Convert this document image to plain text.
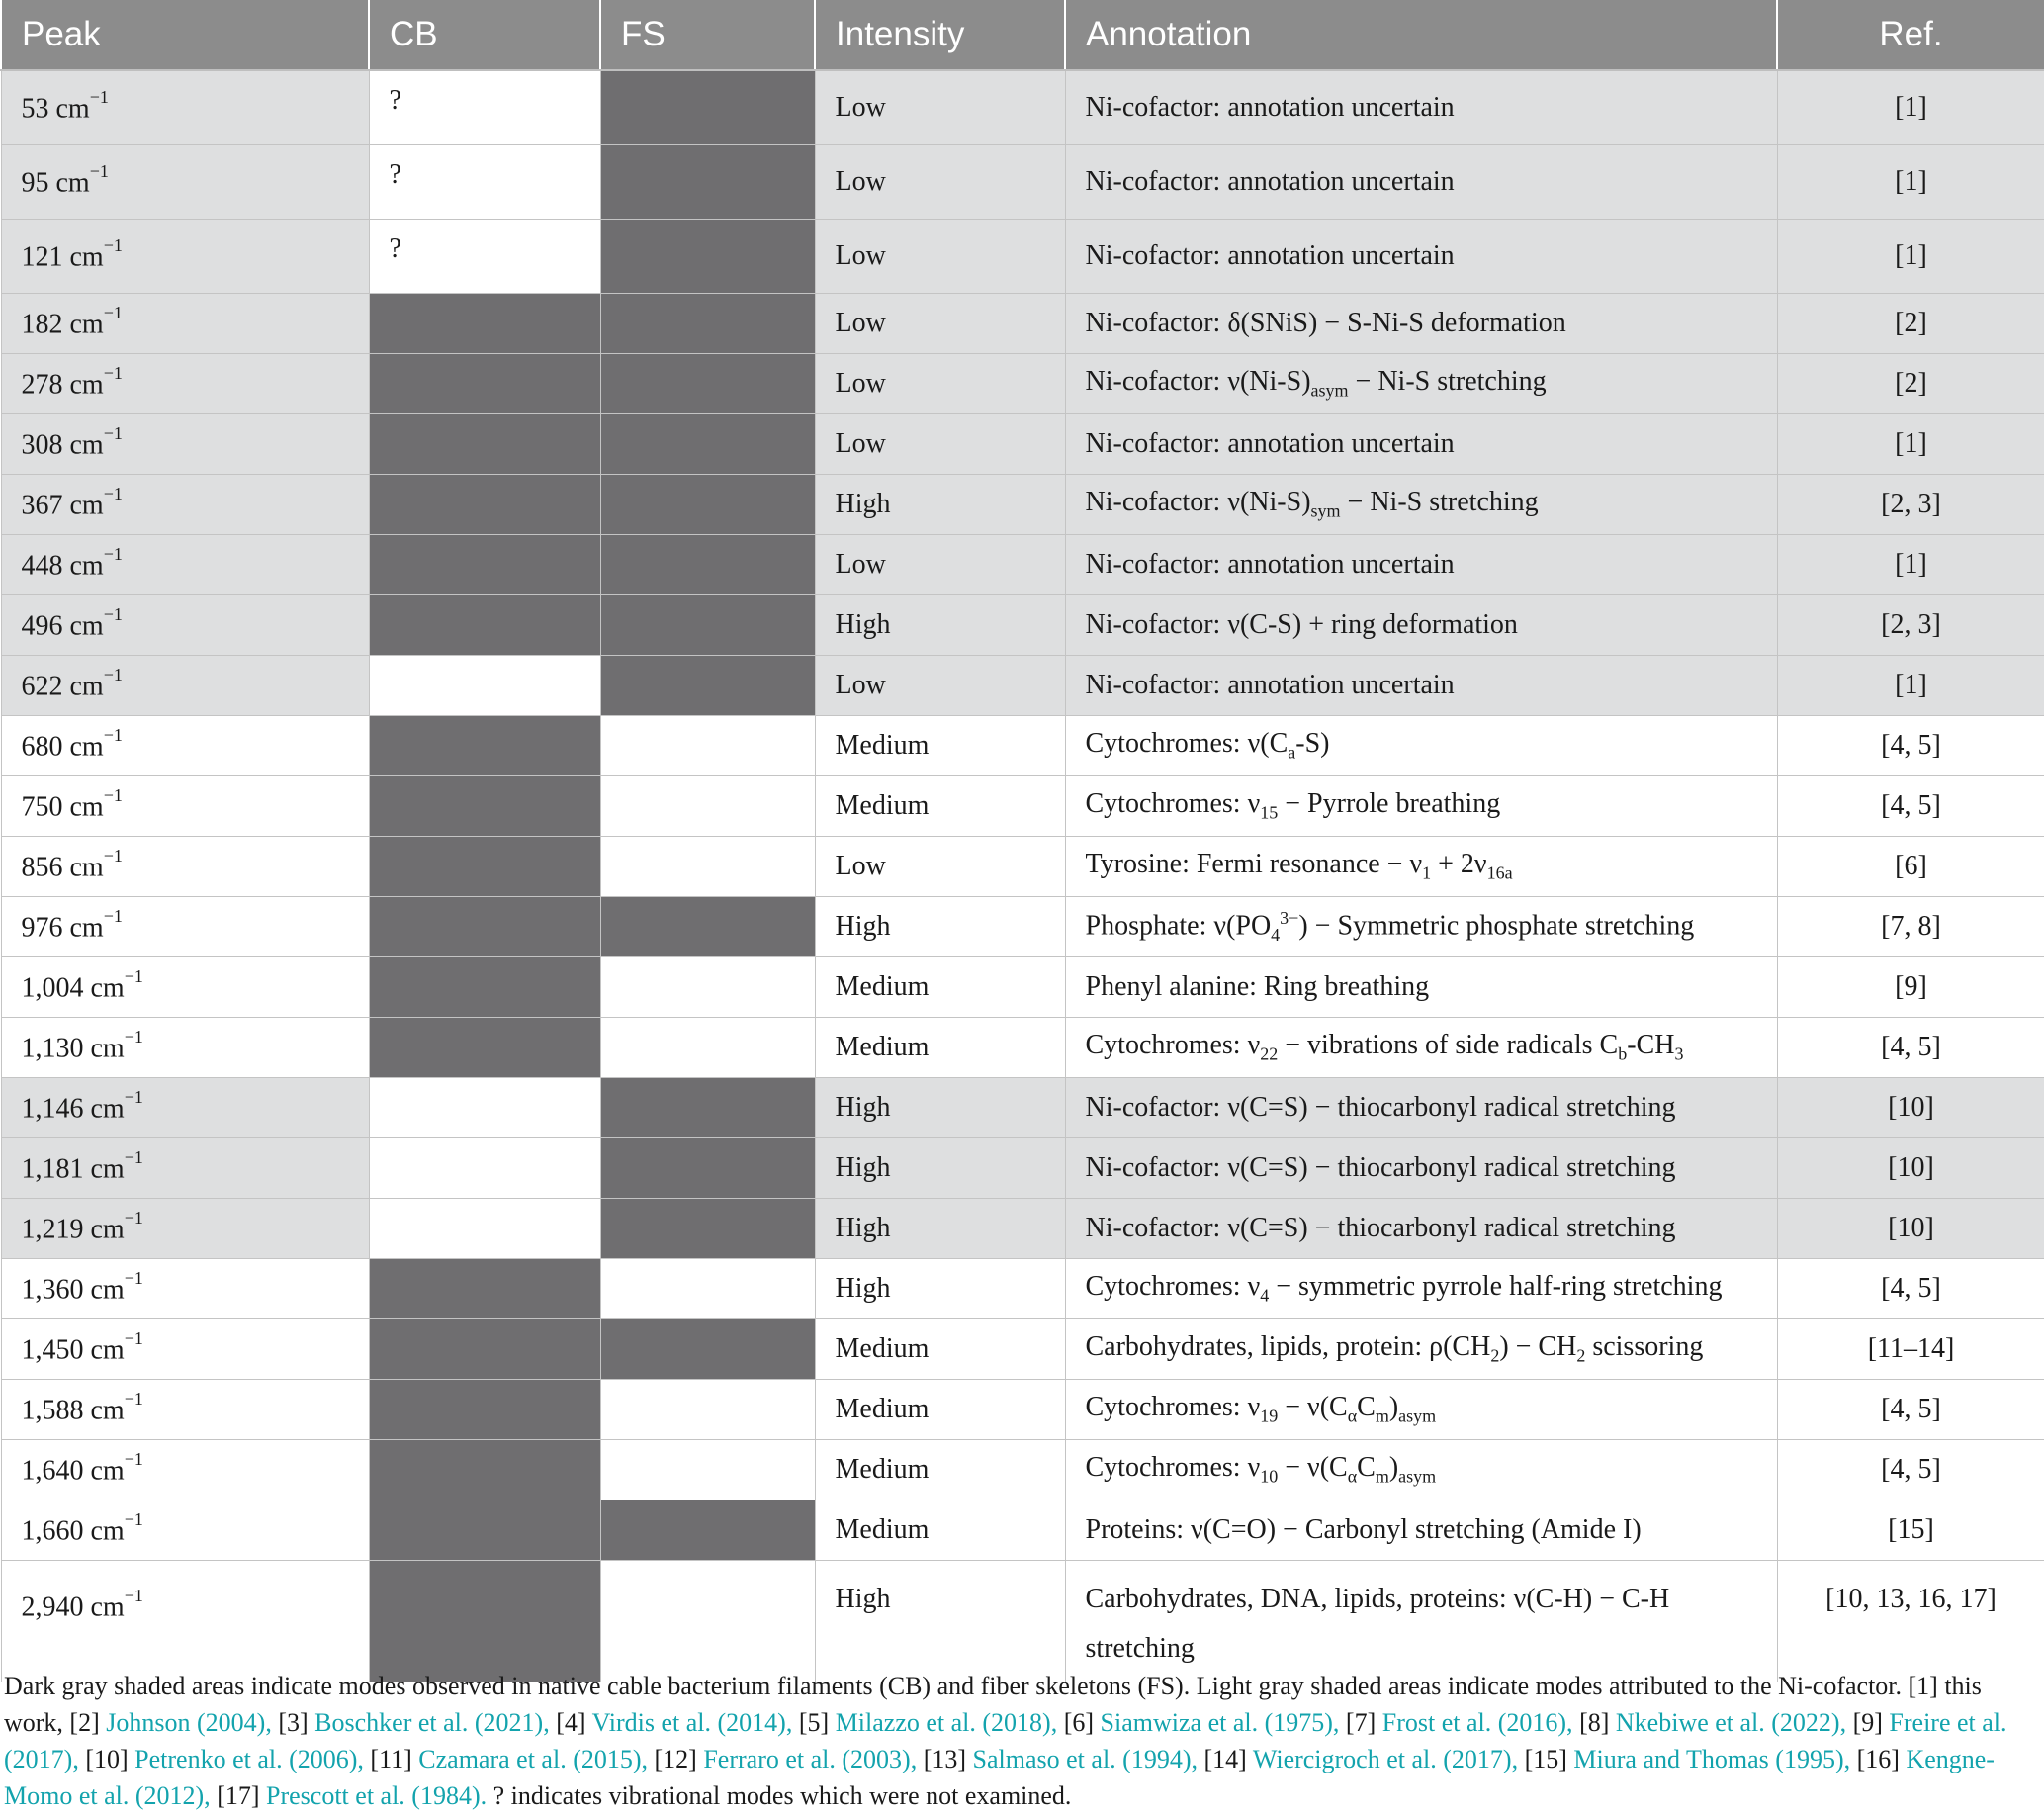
Peak	CB	FS	Intensity	Annotation	Ref.
53 $cm^{-1}$	?		Low	Ni-cofactor: annotation uncertain	[1]
95 $cm^{-1}$	?		Low	Ni-cofactor: annotation uncertain	[1]
121 $cm^{-1}$	?		Low	Ni-cofactor: annotation uncertain	[1]
182 $cm^{-1}$			Low	Ni-cofactor: δ(SNiS) − S-Ni-S deformation	[2]
278 $cm^{-1}$			Low	Ni-cofactor: $\nu(Ni-S)_{asym} - Ni-S$ stretching	[2]
308 $cm^{-1}$			Low	Ni-cofactor: annotation uncertain	[1]
367 $cm^{-1}$			High	Ni-cofactor: $\nu(Ni-S)_{sym} - Ni-S$ stretching	[2, 3]
448 $cm^{-1}$			Low	Ni-cofactor: annotation uncertain	[1]
496 $cm^{-1}$			High	Ni-cofactor: ν(C-S) + ring deformation	[2, 3]
622 $cm^{-1}$			Low	Ni-cofactor: annotation uncertain	[1]
680 $cm^{-1}$			Medium	Cytochromes: $\nu(C_a-S)$	[4, 5]
750 $cm^{-1}$			Medium	Cytochromes: $\nu_{15}$ − Pyrrole breathing	[4, 5]
856 $cm^{-1}$			Low	Tyrosine: Fermi resonance − $\nu_1 + 2\nu_{16a}$	[6]
976 $cm^{-1}$			High	Phosphate: $\nu(PO_4^{3-})$ − Symmetric phosphate stretching	[7, 8]
1,004 $cm^{-1}$			Medium	Phenyl alanine: Ring breathing	[9]
1,130 $cm^{-1}$			Medium	Cytochromes: $\nu_{22}$ − vibrations of side radicals $C_b-CH_3$	[4, 5]
1,146 $cm^{-1}$			High	Ni-cofactor: ν(C=S) − thiocarbonyl radical stretching	[10]
1,181 $cm^{-1}$			High	Ni-cofactor: ν(C=S) − thiocarbonyl radical stretching	[10]
1,219 $cm^{-1}$			High	Ni-cofactor: ν(C=S) − thiocarbonyl radical stretching	[10]
1,360 $cm^{-1}$			High	Cytochromes: $\nu_4$ − symmetric pyrrole half-ring stretching	[4, 5]
1,450 $cm^{-1}$			Medium	Carbohydrates, lipids, protein: $\rho(CH_2) - CH_2$ scissoring	[11–14]
1,588 $cm^{-1}$			Medium	Cytochromes: $\nu_{19} - \nu(C_\alpha C_m)_{asym}$	[4, 5]
1,640 $cm^{-1}$			Medium	Cytochromes: $\nu_{10} - \nu(C_\alpha C_m)_{asym}$	[4, 5]
1,660 $cm^{-1}$			Medium	Proteins: ν(C=O) − Carbonyl stretching (Amide I)	[15]
2,940 $cm^{-1}$			High	Carbohydrates, DNA, lipids, proteins: ν(C-H) − C-H stretching	[10, 13, 16, 17]
Dark gray shaded areas indicate modes observed in native cable bacterium filaments (CB) and fiber skeletons (FS). Light gray shaded areas indicate modes attributed to the Ni-cofactor. [1] this work, [2] Johnson (2004), [3] Boschker et al. (2021), [4] Virdis et al. (2014), [5] Milazzo et al. (2018), [6] Siamwiza et al. (1975), [7] Frost et al. (2016), [8] Nkebiwe et al. (2022), [9] Freire et al. (2017), [10] Petrenko et al. (2006), [11] Czamara et al. (2015), [12] Ferraro et al. (2003), [13] Salmaso et al. (1994), [14] Wiercigroch et al. (2017), [15] Miura and Thomas (1995), [16] Kengne-Momo et al. (2012), [17] Prescott et al. (1984). ? indicates vibrational modes which were not examined.
